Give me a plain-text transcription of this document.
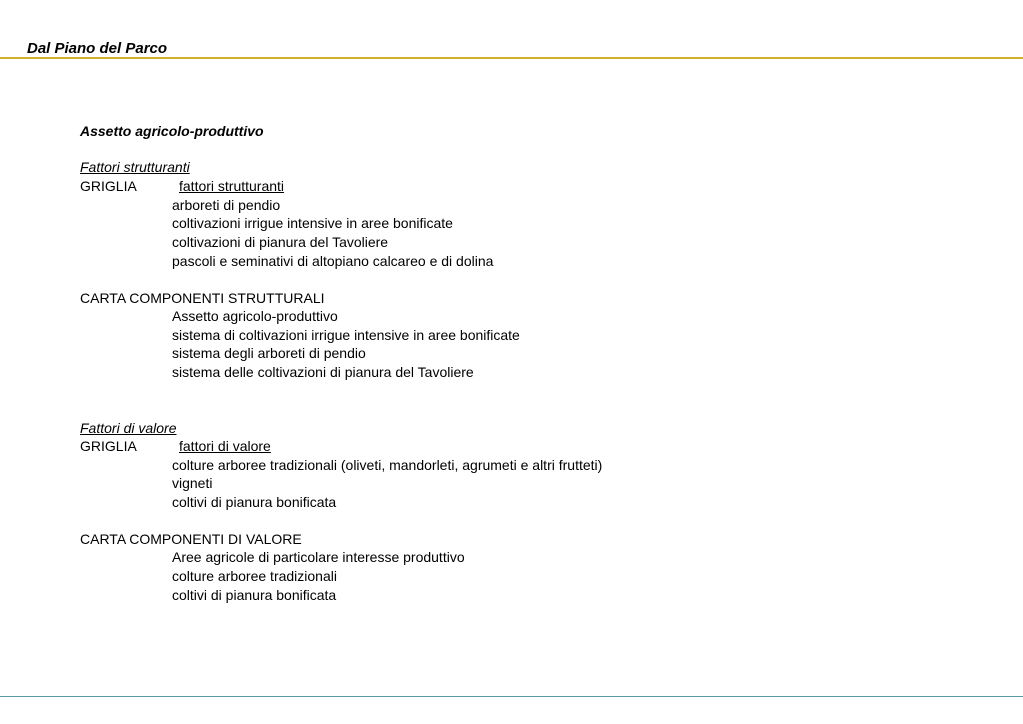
Dal Piano del Parco
Assetto agricolo-produttivo
Fattori strutturanti
GRIGLIA	fattori strutturanti
arboreti di pendio
coltivazioni irrigue intensive in aree bonificate
coltivazioni di pianura del Tavoliere
pascoli e seminativi di altopiano calcareo e di dolina
CARTA COMPONENTI STRUTTURALI
Assetto agricolo-produttivo
sistema di coltivazioni irrigue intensive in aree bonificate
sistema degli arboreti di pendio
sistema delle coltivazioni di pianura del Tavoliere
Fattori di valore
GRIGLIA	fattori di valore
colture arboree tradizionali (oliveti, mandorleti, agrumeti e altri frutteti)
vigneti
coltivi di pianura bonificata
CARTA COMPONENTI DI VALORE
Aree agricole di particolare interesse produttivo
colture arboree tradizionali
coltivi di pianura bonificata
